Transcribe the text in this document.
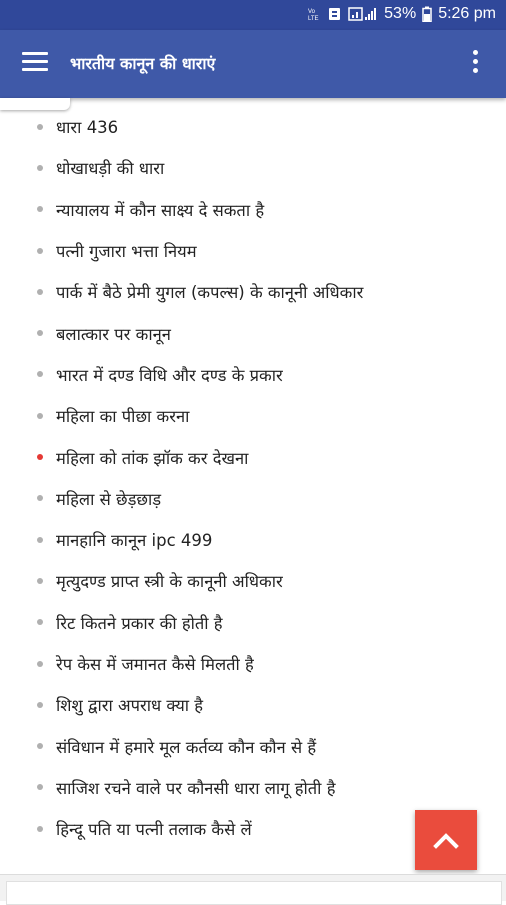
Vo
LTE	53% 5:26 pm
भारतीय कानून की धाराएं
धारा 436
धोखाधड़ी की धारा
न्यायालय में कौन साक्ष्य दे सकता है
पत्नी गुजारा भत्ता नियम
पार्क में बैठे प्रेमी युगल (कपल्स) के कानूनी अधिकार
बलात्कार पर कानून
भारत में दण्ड विधि और दण्ड के प्रकार
महिला का पीछा करना
महिला को तांक झॉक कर देखना
महिला से छेड़छाड़
मानहानि कानून ipc 499
मृत्युदण्ड प्राप्त स्त्री के कानूनी अधिकार
रिट कितने प्रकार की होती है
रेप केस में जमानत कैसे मिलती है
शिशु द्वारा अपराध क्या है
संविधान में हमारे मूल कर्तव्य कौन कौन से हैं
साजिश रचने वाले पर कौनसी धारा लागू होती है
हिन्दू पति या पत्नी तलाक कैसे लें
